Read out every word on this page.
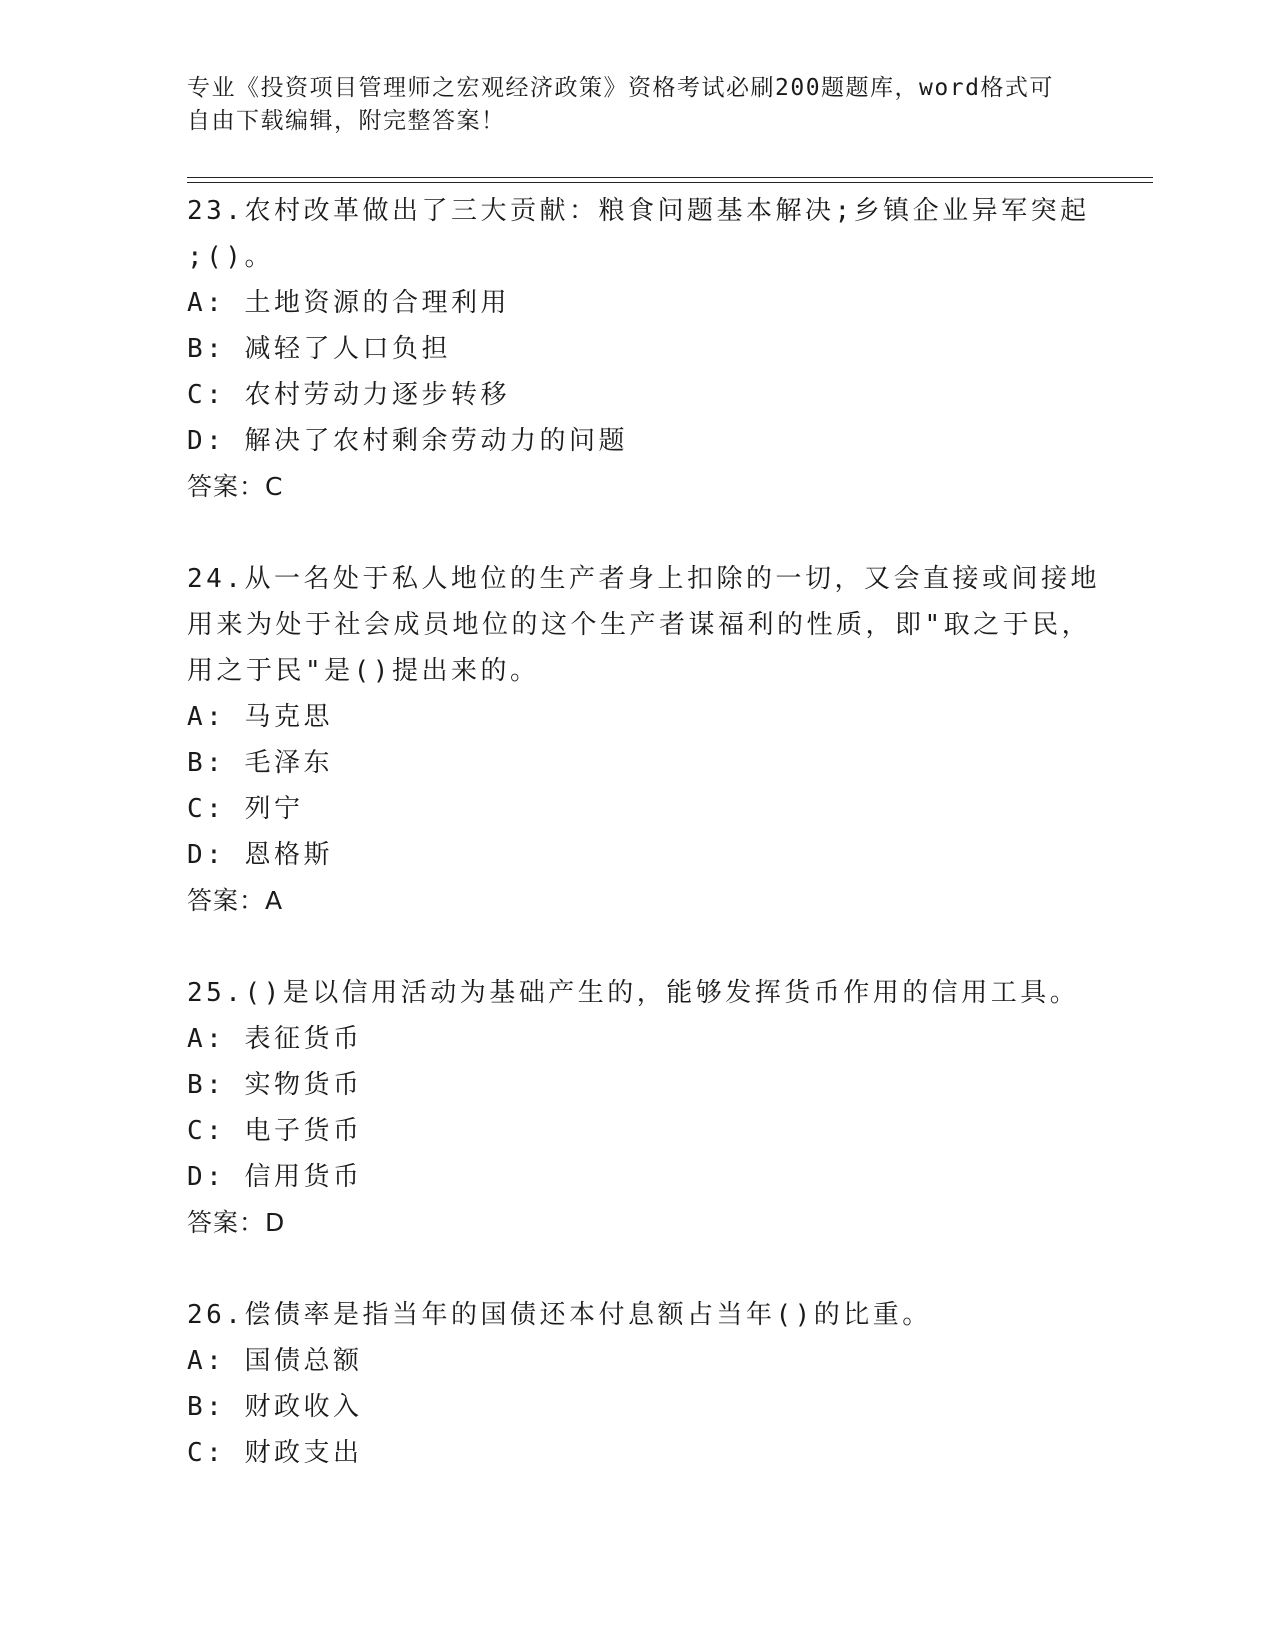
专业《投资项目管理师之宏观经济政策》资格考试必刷200题题库，word格式可
自由下载编辑，附完整答案！
23.农村改革做出了三大贡献：粮食问题基本解决;乡镇企业异军突起
;()。
A: 土地资源的合理利用
B: 减轻了人口负担
C: 农村劳动力逐步转移
D: 解决了农村剩余劳动力的问题
答案：C
24.从一名处于私人地位的生产者身上扣除的一切，又会直接或间接地
用来为处于社会成员地位的这个生产者谋福利的性质，即"取之于民，
用之于民"是()提出来的。
A: 马克思
B: 毛泽东
C: 列宁
D: 恩格斯
答案：A
25.()是以信用活动为基础产生的，能够发挥货币作用的信用工具。
A: 表征货币
B: 实物货币
C: 电子货币
D: 信用货币
答案：D
26.偿债率是指当年的国债还本付息额占当年()的比重。
A: 国债总额
B: 财政收入
C: 财政支出
